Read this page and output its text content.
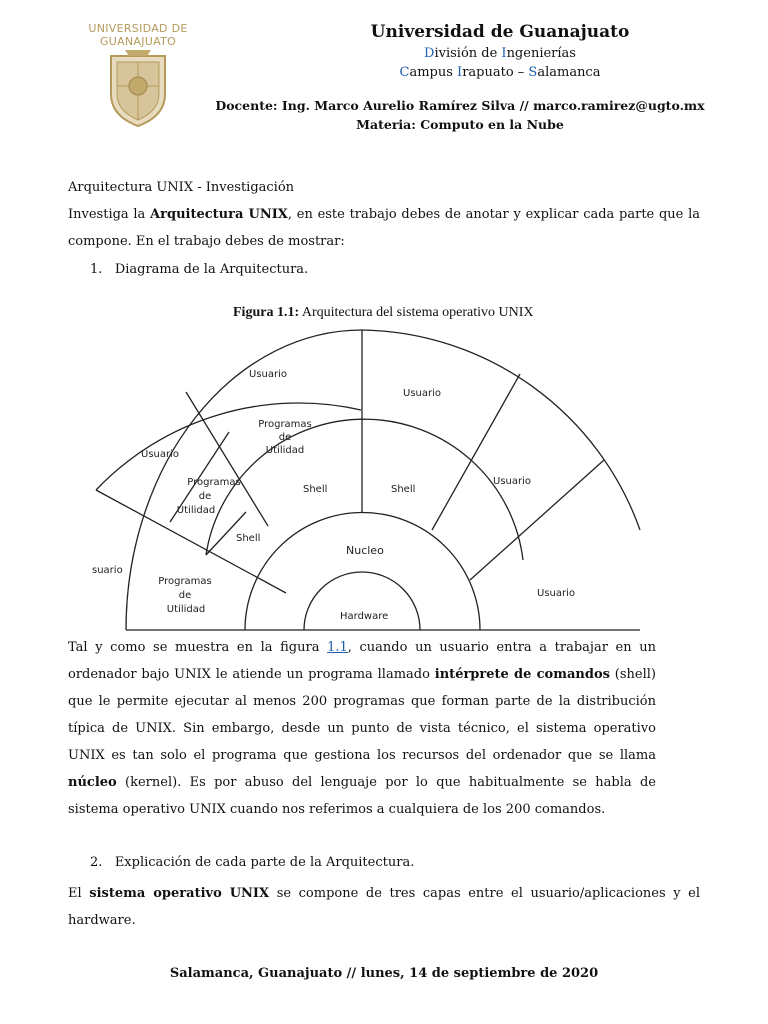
UNIVERSIDAD DE
GUANAJUATO	Universidad de Guanajuato
División de Ingenierías
Campus Irapuato – Salamanca
Docente: Ing. Marco Aurelio Ramírez Silva // marco.ramirez@ugto.mx
Materia: Computo en la Nube
Arquitectura UNIX - Investigación
Investiga la Arquitectura UNIX, en este trabajo debes de anotar y explicar cada parte que la compone. En el trabajo debes de mostrar:
1. Diagrama de la Arquitectura.
Figura 1.1: Arquitectura del sistema operativo UNIX
Usuario
Usuario
Usuario
Usuario
suario
Usuario
Programas
de
Utilidad
Programas
de
Utilidad
Programas
de
Utilidad
Shell	Shell
Shell
Nucleo
Hardware
Tal y como se muestra en la figura 1.1, cuando un usuario entra a trabajar en un ordenador bajo UNIX le atiende un programa llamado intérprete de comandos (shell) que le permite ejecutar al menos 200 programas que forman parte de la distribución típica de UNIX. Sin embargo, desde un punto de vista técnico, el sistema operativo UNIX es tan solo el programa que gestiona los recursos del ordenador que se llama núcleo (kernel). Es por abuso del lenguaje por lo que habitualmente se habla de sistema operativo UNIX cuando nos referimos a cualquiera de los 200 comandos.
2. Explicación de cada parte de la Arquitectura.
El sistema operativo UNIX se compone de tres capas entre el usuario/aplicaciones y el hardware.
Salamanca, Guanajuato // lunes, 14 de septiembre de 2020
